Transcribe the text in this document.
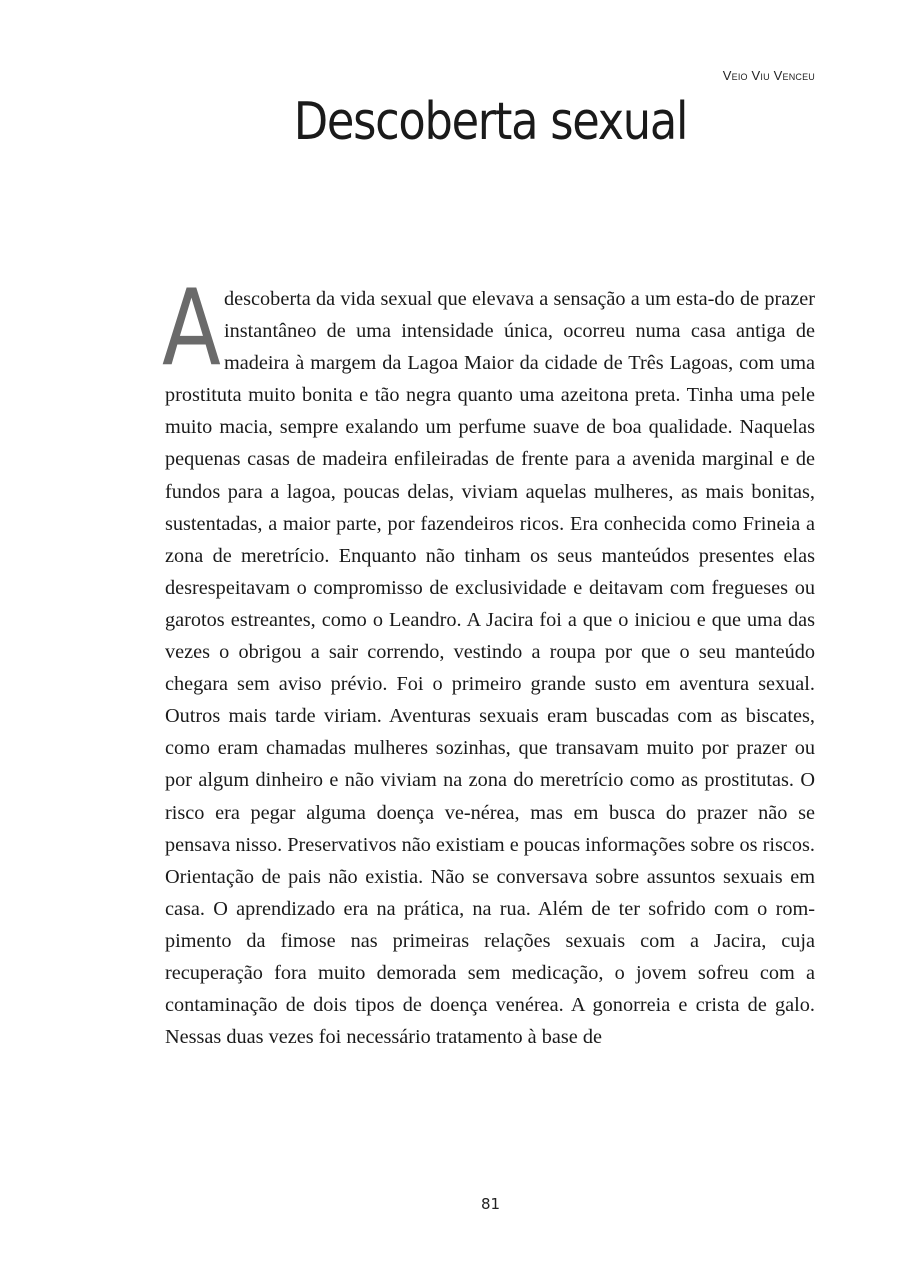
Veio Viu Venceu
Descoberta sexual
Adescoberta da vida sexual que elevava a sensação a um esta-do de prazer instantâneo de uma intensidade única, ocorreu numa casa antiga de madeira à margem da Lagoa Maior da cidade de Três Lagoas, com uma prostituta muito bonita e tão negra quanto uma azeitona preta. Tinha uma pele muito macia, sempre exalando um perfume suave de boa qualidade. Naquelas pequenas casas de madeira enfileiradas de frente para a avenida marginal e de fundos para a lagoa, poucas delas, viviam aquelas mulheres, as mais bonitas, sustentadas, a maior parte, por fazendeiros ricos. Era conhecida como Frineia a zona de meretrício. Enquanto não tinham os seus manteúdos presentes elas desrespeitavam o compromisso de exclusividade e deitavam com fregueses ou garotos estreantes, como o Leandro. A Jacira foi a que o iniciou e que uma das vezes o obrigou a sair correndo, vestindo a roupa por que o seu manteúdo chegara sem aviso prévio. Foi o primeiro grande susto em aventura sexual. Outros mais tarde viriam. Aventuras sexuais eram buscadas com as biscates, como eram chamadas mulheres sozinhas, que transavam muito por prazer ou por algum dinheiro e não viviam na zona do meretrício como as prostitutas. O risco era pegar alguma doença ve-nérea, mas em busca do prazer não se pensava nisso. Preservativos não existiam e poucas informações sobre os riscos. Orientação de pais não existia. Não se conversava sobre assuntos sexuais em casa. O aprendizado era na prática, na rua. Além de ter sofrido com o rom-pimento da fimose nas primeiras relações sexuais com a Jacira, cuja recuperação fora muito demorada sem medicação, o jovem sofreu com a contaminação de dois tipos de doença venérea. A gonorreia e crista de galo. Nessas duas vezes foi necessário tratamento à base de
81
